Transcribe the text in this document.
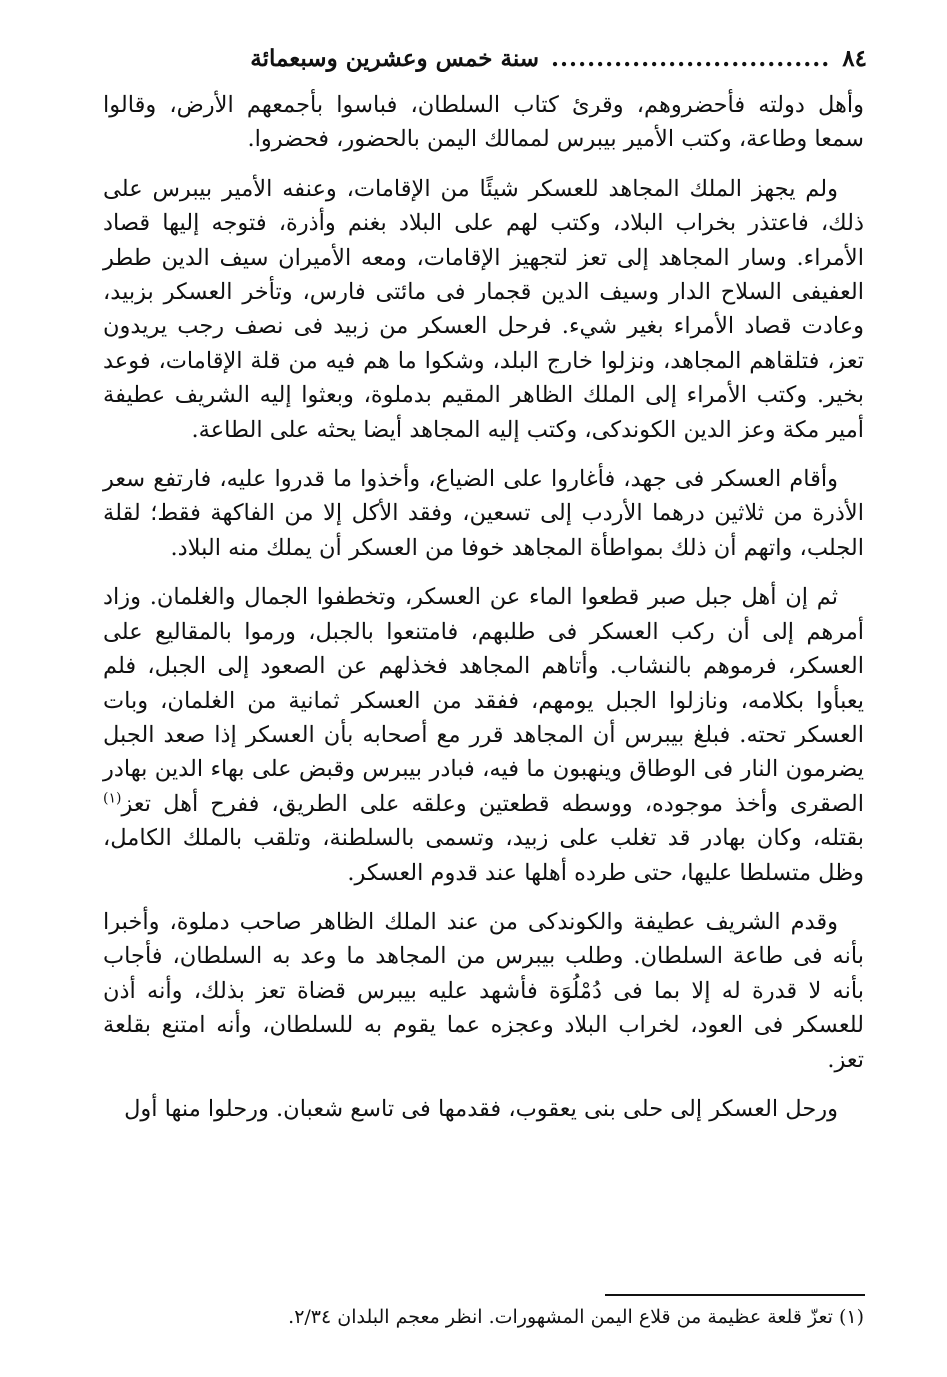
٨٤
...............................
سنة خمس وعشرين وسبعمائة

وأهل دولته فأحضروهم، وقرئ كتاب السلطان، فباسوا بأجمعهم الأرض، وقالوا سمعا وطاعة، وكتب الأمير بيبرس لممالك اليمن بالحضور، فحضروا.

ولم يجهز الملك المجاهد للعسكر شيئًا من الإقامات، وعنفه الأمير بيبرس على ذلك، فاعتذر بخراب البلاد، وكتب لهم على البلاد بغنم وأذرة، فتوجه إليها قصاد الأمراء. وسار المجاهد إلى تعز لتجهيز الإقامات، ومعه الأميران سيف الدين ططر العفيفى السلاح الدار وسيف الدين قجمار فى مائتى فارس، وتأخر العسكر بزبيد، وعادت قصاد الأمراء بغير شيء. فرحل العسكر من زبيد فى نصف رجب يريدون تعز، فتلقاهم المجاهد، ونزلوا خارج البلد، وشكوا ما هم فيه من قلة الإقامات، فوعد بخير. وكتب الأمراء إلى الملك الظاهر المقيم بدملوة، وبعثوا إليه الشريف عطيفة أمير مكة وعز الدين الكوندكى، وكتب إليه المجاهد أيضا يحثه على الطاعة.

وأقام العسكر فى جهد، فأغاروا على الضياع، وأخذوا ما قدروا عليه، فارتفع سعر الأذرة من ثلاثين درهما الأردب إلى تسعين، وفقد الأكل إلا من الفاكهة فقط؛ لقلة الجلب، واتهم أن ذلك بمواطأة المجاهد خوفا من العسكر أن يملك منه البلاد.

ثم إن أهل جبل صبر قطعوا الماء عن العسكر، وتخطفوا الجمال والغلمان. وزاد أمرهم إلى أن ركب العسكر فى طلبهم، فامتنعوا بالجبل، ورموا بالمقاليع على العسكر، فرموهم بالنشاب. وأتاهم المجاهد فخذلهم عن الصعود إلى الجبل، فلم يعبأوا بكلامه، ونازلوا الجبل يومهم، ففقد من العسكر ثمانية من الغلمان، وبات العسكر تحته. فبلغ بيبرس أن المجاهد قرر مع أصحابه بأن العسكر إذا صعد الجبل يضرمون النار فى الوطاق وينهبون ما فيه، فبادر بيبرس وقبض على بهاء الدين بهادر الصقرى وأخذ موجوده، ووسطه قطعتين وعلقه على الطريق، ففرح أهل تعز$^{(١)}$ بقتله، وكان بهادر قد تغلب على زبيد، وتسمى بالسلطنة، وتلقب بالملك الكامل، وظل متسلطا عليها، حتى طرده أهلها عند قدوم العسكر.

وقدم الشريف عطيفة والكوندكى من عند الملك الظاهر صاحب دملوة، وأخبرا بأنه فى طاعة السلطان. وطلب بيبرس من المجاهد ما وعد به السلطان، فأجاب بأنه لا قدرة له إلا بما فى دُمْلُوَة فأشهد عليه بيبرس قضاة تعز بذلك، وأنه أذن للعسكر فى العود، لخراب البلاد وعجزه عما يقوم به للسلطان، وأنه امتنع بقلعة تعز.

ورحل العسكر إلى حلى بنى يعقوب، فقدمها فى تاسع شعبان. ورحلوا منها أول

(١) تعزّ قلعة عظيمة من قلاع اليمن المشهورات. انظر معجم البلدان ٢/٣٤.
